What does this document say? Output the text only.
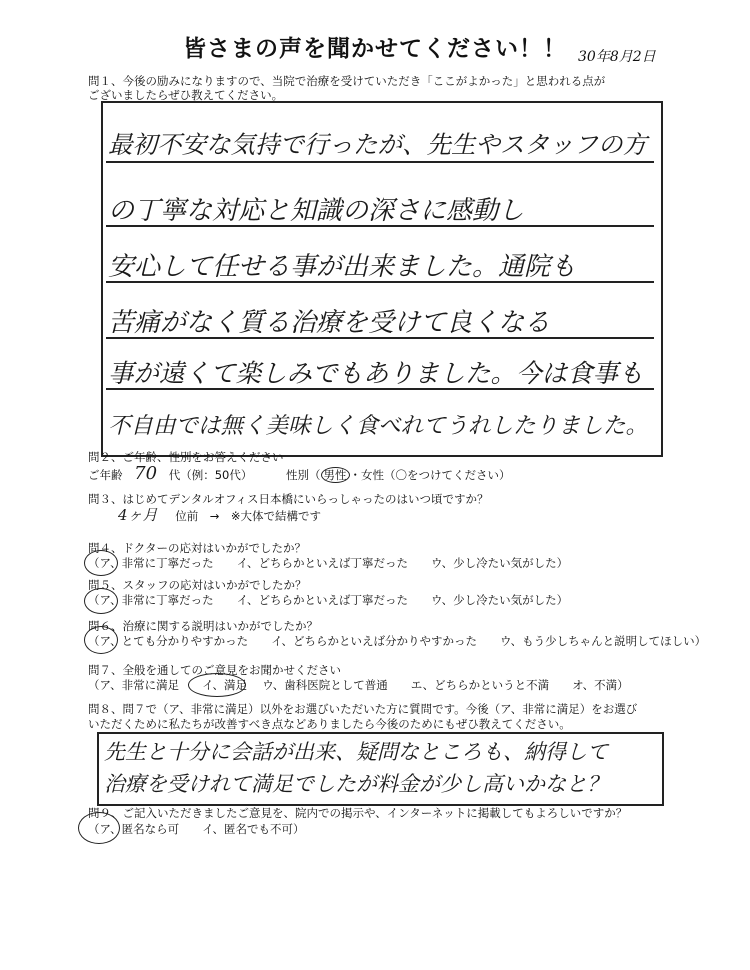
皆さまの声を聞かせてください！！ 30年8月2日
問１、今後の励みになりますので、当院で治療を受けていただき「ここがよかった」と思われる点が
ございましたらぜひ教えてください。
最初不安な気持で行ったが、先生やスタッフの方
の丁寧な対応と知識の深さに感動し
安心して任せる事が出来ました。通院も
苦痛がなく質る治療を受けて良くなる
事が遠くて楽しみでもありました。今は食事も
不自由では無く美味しく食べれてうれしたりました。
問２、ご年齢、性別をお答えください
ご年齢 70 代（例：50代）	性別（ 男性 ・女性（〇をつけてください）
問３、はじめてデンタルオフィス日本橋にいらっしゃったのはいつ頃ですか？
4ヶ月 位前　→　※大体で結構です
問４、ドクターの応対はいかがでしたか？
（ア、非常に丁寧だった　　イ、どちらかといえば丁寧だった　　ウ、少し冷たい気がした）
問５、スタッフの応対はいかがでしたか？
（ア、非常に丁寧だった　　イ、どちらかといえば丁寧だった　　ウ、少し冷たい気がした）
問６、治療に関する説明はいかがでしたか？
（ア、とても分かりやすかった　　イ、どちらかといえば分かりやすかった　　ウ、もう少しちゃんと説明してほしい）
問７、全般を通してのご意見をお聞かせください
（ア、非常に満足　　イ、満足　 ウ、歯科医院として普通　　エ、どちらかというと不満　　オ、不満）
問８、問７で（ア、非常に満足）以外をお選びいただいた方に質問です。今後（ア、非常に満足）をお選び
いただくために私たちが改善すべき点などありましたら今後のためにもぜひ教えてください。
先生と十分に会話が出来、疑問なところも、納得して
治療を受けれて満足でしたが料金が少し高いかなと？
問９、ご記入いただきましたご意見を、院内での掲示や、インターネットに掲載してもよろしいですか？
（ア、匿名なら可　　イ、匿名でも不可）
